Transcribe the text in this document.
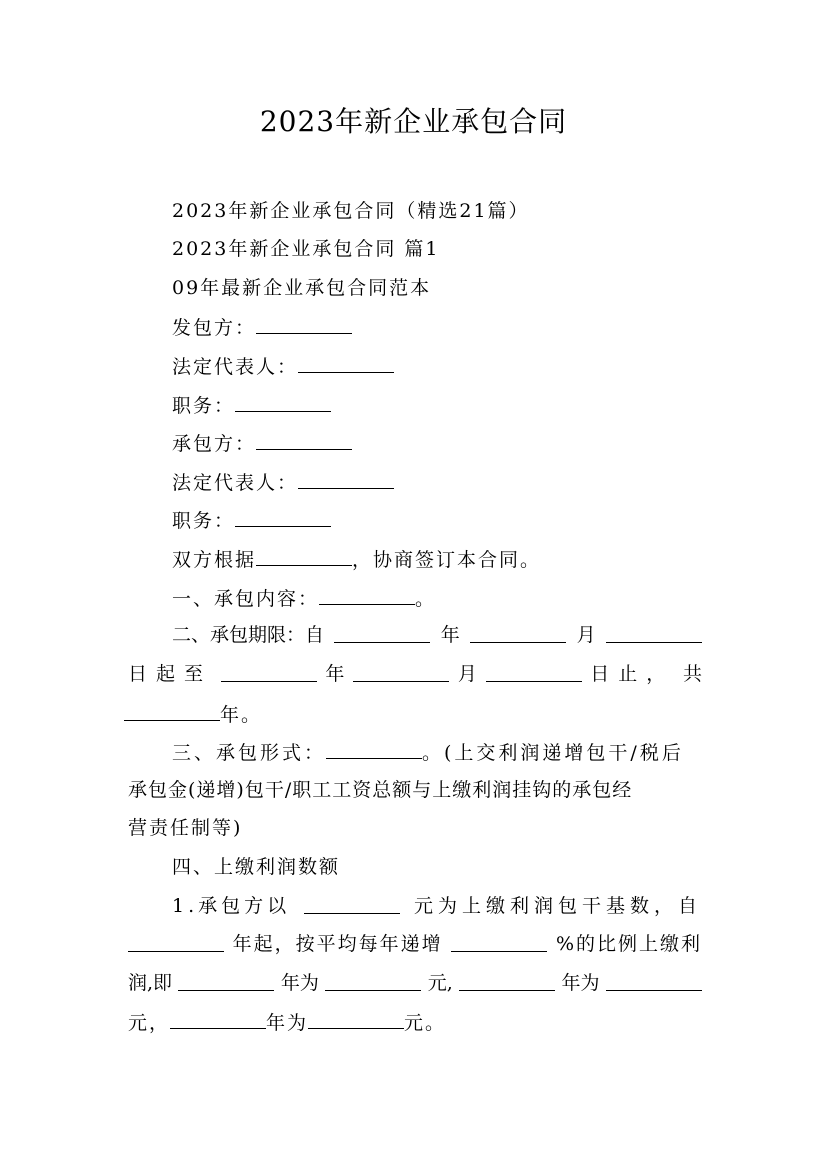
2023年新企业承包合同
2023年新企业承包合同（精选21篇）
2023年新企业承包合同 篇1
09年最新企业承包合同范本
发包方：
法定代表人：
职务：
承包方：
法定代表人：
职务：
双方根据	，协商签订本合同。
一、承包内容：	。
二、承包期限：自	年	月
日起至	年	月	日止， 共
年。
三、承包形式：	。(上交利润递增包干/税后
承包金(递增)包干/职工工资总额与上缴利润挂钩的承包经
营责任制等)
四、上缴利润数额
1.承包方以	元为上缴利润包干基数，自
年起，按平均每年递增	%的比例上缴利
润,即	年为	元,	年为
元，	年为	元。
